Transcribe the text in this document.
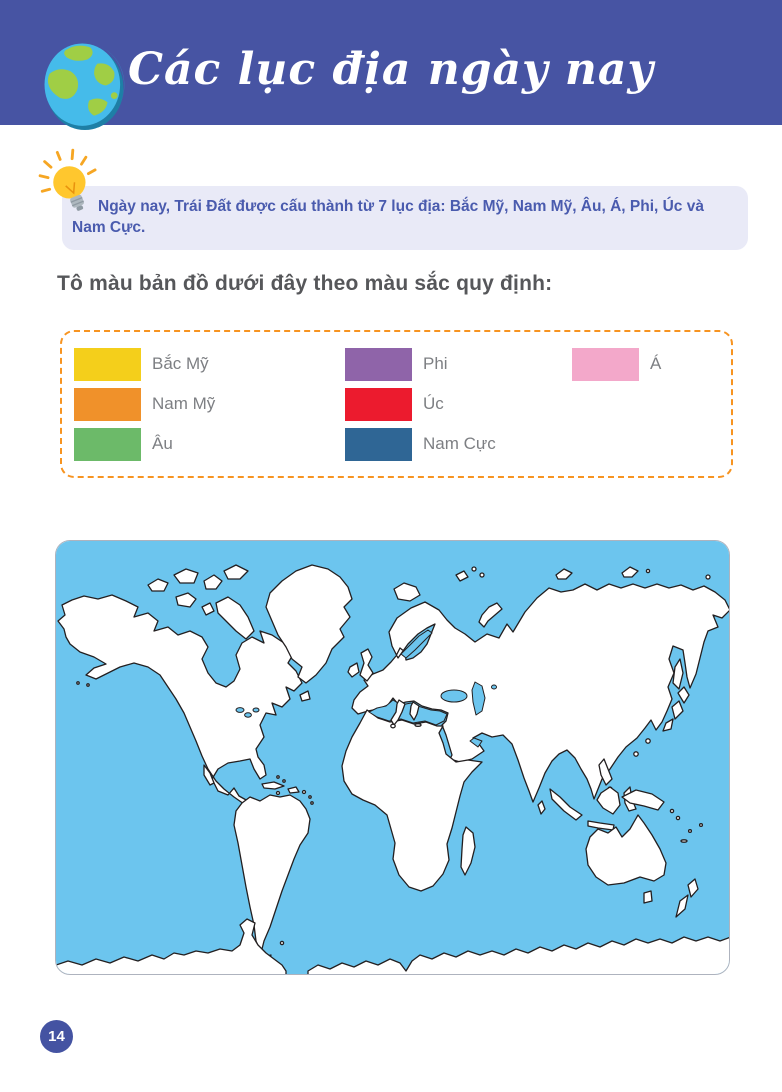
Các lục địa ngày nay

Ngày nay, Trái Đất được cấu thành từ 7 lục địa: Bắc Mỹ, Nam Mỹ, Âu, Á, Phi, Úc và Nam Cực.

Tô màu bản đồ dưới đây theo màu sắc quy định:
Bắc Mỹ
Nam Mỹ
Âu
Phi
Úc
Nam Cực
Á
14
